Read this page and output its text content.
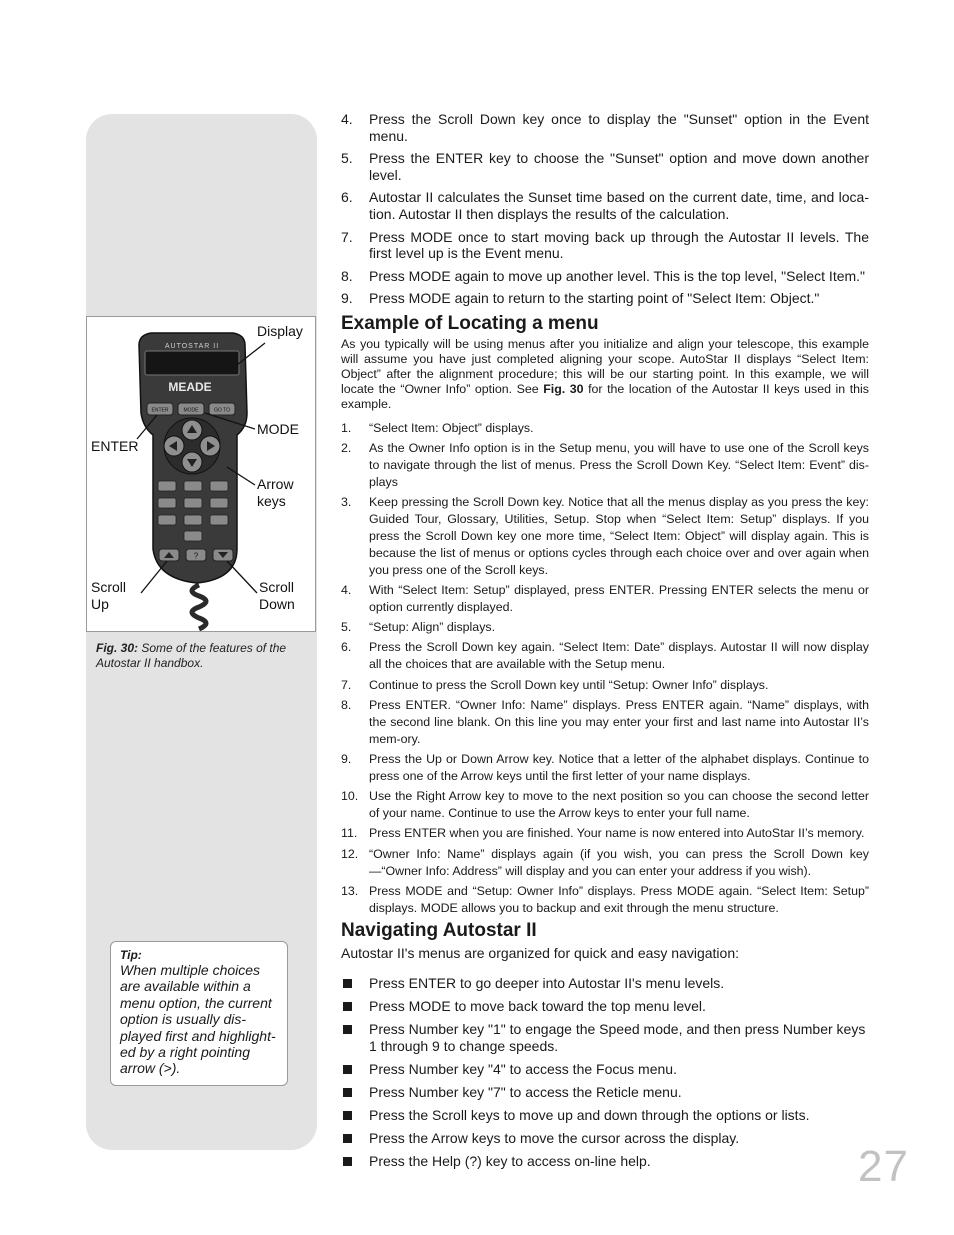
AUTOSTAR II
MEADE
ENTER	MODE	GO TO
?
Display
MODE
ENTER
Arrow
keys
Scroll
Up
Scroll
Down
Fig. 30: Some of the features of the Autostar II handbox.
Tip:
When multiple choices are available within a menu option, the current option is usually dis-played first and highlight-ed by a right pointing arrow (>).
4. Press the Scroll Down key once to display the "Sunset" option in the Event menu.
5. Press the ENTER key to choose the "Sunset" option and move down another level.
6. Autostar II calculates the Sunset time based on the current date, time, and loca-tion. Autostar II then displays the results of the calculation.
7. Press MODE once to start moving back up through the Autostar II levels. The first level up is the Event menu.
8. Press MODE again to move up another level. This is the top level, "Select Item."
9. Press MODE again to return to the starting point of "Select Item: Object."
Example of Locating a menu

As you typically will be using menus after you initialize and align your telescope, this example will assume you have just completed aligning your scope. AutoStar II displays “Select Item: Object” after the alignment procedure; this will be our starting point. In this example, we will locate the “Owner Info” option. See Fig. 30 for the location of the Autostar II keys used in this example.

1. “Select Item: Object” displays.
2. As the Owner Info option is in the Setup menu, you will have to use one of the Scroll keys to navigate through the list of menus. Press the Scroll Down Key. “Select Item: Event” dis-plays
3. Keep pressing the Scroll Down key. Notice that all the menus display as you press the key: Guided Tour, Glossary, Utilities, Setup. Stop when “Select Item: Setup” displays. If you press the Scroll Down key one more time, “Select Item: Object” will display again. This is because the list of menus or options cycles through each choice over and over again when you press one of the Scroll keys.
4. With “Select Item: Setup” displayed, press ENTER. Pressing ENTER selects the menu or option currently displayed.
5. “Setup: Align” displays.
6. Press the Scroll Down key again. “Select Item: Date” displays. Autostar II will now display all the choices that are available with the Setup menu.
7. Continue to press the Scroll Down key until “Setup: Owner Info” displays.
8. Press ENTER. “Owner Info: Name” displays. Press ENTER again. “Name” displays, with the second line blank. On this line you may enter your first and last name into Autostar II’s mem-ory.
9. Press the Up or Down Arrow key. Notice that a letter of the alphabet displays. Continue to press one of the Arrow keys until the first letter of your name displays.
10. Use the Right Arrow key to move to the next position so you can choose the second letter of your name. Continue to use the Arrow keys to enter your full name.
11. Press ENTER when you are finished. Your name is now entered into AutoStar II’s memory.
12. “Owner Info: Name” displays again (if you wish, you can press the Scroll Down key—“Owner Info: Address” will display and you can enter your address if you wish).
13. Press MODE and “Setup: Owner Info” displays. Press MODE again. “Select Item: Setup” displays. MODE allows you to backup and exit through the menu structure.
Navigating Autostar II

Autostar II's menus are organized for quick and easy navigation:

Press ENTER to go deeper into Autostar II's menu levels.
Press MODE to move back toward the top menu level.
Press Number key "1" to engage the Speed mode, and then press Number keys 1 through 9 to change speeds.
Press Number key "4" to access the Focus menu.
Press Number key "7" to access the Reticle menu.
Press the Scroll keys to move up and down through the options or lists.
Press the Arrow keys to move the cursor across the display.
Press the Help (?) key to access on-line help.	27
